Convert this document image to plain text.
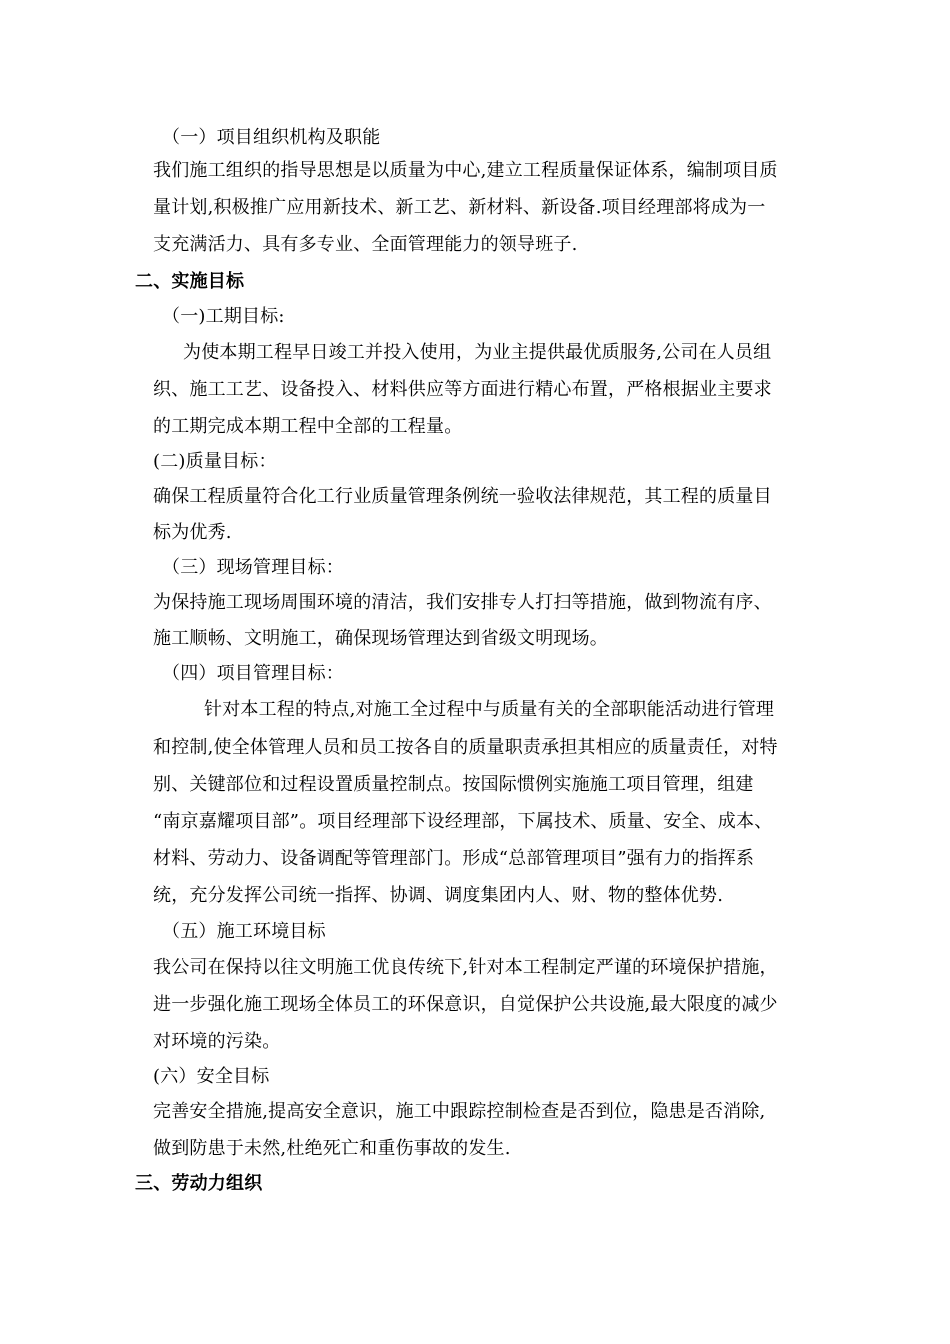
（一）项目组织机构及职能
我们施工组织的指导思想是以质量为中心,建立工程质量保证体系，编制项目质
量计划,积极推广应用新技术、新工艺、新材料、新设备.项目经理部将成为一
支充满活力、具有多专业、全面管理能力的领导班子.
二、实施目标
（一)工期目标:
为使本期工程早日竣工并投入使用，为业主提供最优质服务,公司在人员组
织、施工工艺、设备投入、材料供应等方面进行精心布置，严格根据业主要求
的工期完成本期工程中全部的工程量。
(二)质量目标：
确保工程质量符合化工行业质量管理条例统一验收法律规范，其工程的质量目
标为优秀.
（三）现场管理目标：
为保持施工现场周围环境的清洁，我们安排专人打扫等措施，做到物流有序、
施工顺畅、文明施工，确保现场管理达到省级文明现场。
（四）项目管理目标：
针对本工程的特点,对施工全过程中与质量有关的全部职能活动进行管理
和控制,使全体管理人员和员工按各自的质量职责承担其相应的质量责任，对特
别、关键部位和过程设置质量控制点。按国际惯例实施施工项目管理，组建
“南京嘉耀项目部”。项目经理部下设经理部，下属技术、质量、安全、成本、
材料、劳动力、设备调配等管理部门。形成“总部管理项目”强有力的指挥系
统，充分发挥公司统一指挥、协调、调度集团内人、财、物的整体优势.
（五）施工环境目标
我公司在保持以往文明施工优良传统下,针对本工程制定严谨的环境保护措施，
进一步强化施工现场全体员工的环保意识，自觉保护公共设施,最大限度的减少
对环境的污染。
(六）安全目标
完善安全措施,提高安全意识，施工中跟踪控制检查是否到位，隐患是否消除,
做到防患于未然,杜绝死亡和重伤事故的发生.
三、劳动力组织
